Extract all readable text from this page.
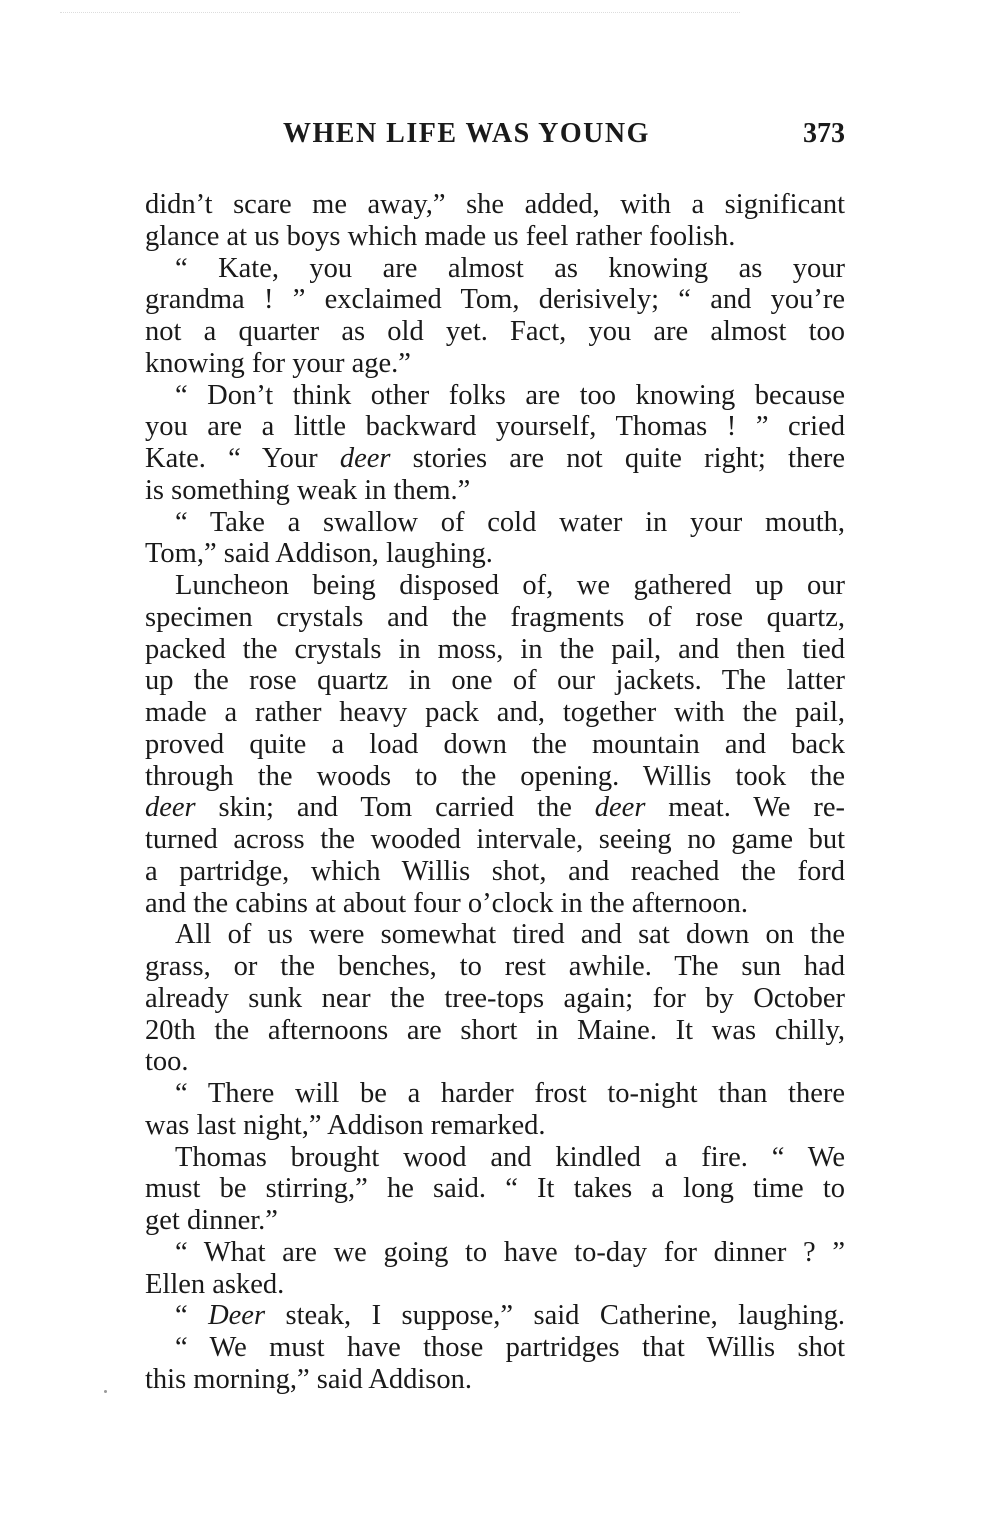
WHEN LIFE WAS YOUNG	373
didn’t scare me away,” she added, with a significant
glance at us boys which made us feel rather foolish.
“ Kate, you are almost as knowing as your
grandma ! ” exclaimed Tom, derisively; “ and you’re
not a quarter as old yet. Fact, you are almost too
knowing for your age.”
“ Don’t think other folks are too knowing because
you are a little backward yourself, Thomas ! ” cried
Kate. “ Your deer stories are not quite right; there
is something weak in them.”
“ Take a swallow of cold water in your mouth,
Tom,” said Addison, laughing.
Luncheon being disposed of, we gathered up our
specimen crystals and the fragments of rose quartz,
packed the crystals in moss, in the pail, and then tied
up the rose quartz in one of our jackets. The latter
made a rather heavy pack and, together with the pail,
proved quite a load down the mountain and back
through the woods to the opening. Willis took the
deer skin; and Tom carried the deer meat. We re-
turned across the wooded intervale, seeing no game but
a partridge, which Willis shot, and reached the ford
and the cabins at about four o’clock in the afternoon.
All of us were somewhat tired and sat down on the
grass, or the benches, to rest awhile. The sun had
already sunk near the tree-tops again; for by October
20th the afternoons are short in Maine. It was chilly,
too.
“ There will be a harder frost to-night than there
was last night,” Addison remarked.
Thomas brought wood and kindled a fire. “ We
must be stirring,” he said. “ It takes a long time to
get dinner.”
“ What are we going to have to-day for dinner ? ”
Ellen asked.
“ Deer steak, I suppose,” said Catherine, laughing.
“ We must have those partridges that Willis shot
this morning,” said Addison.
